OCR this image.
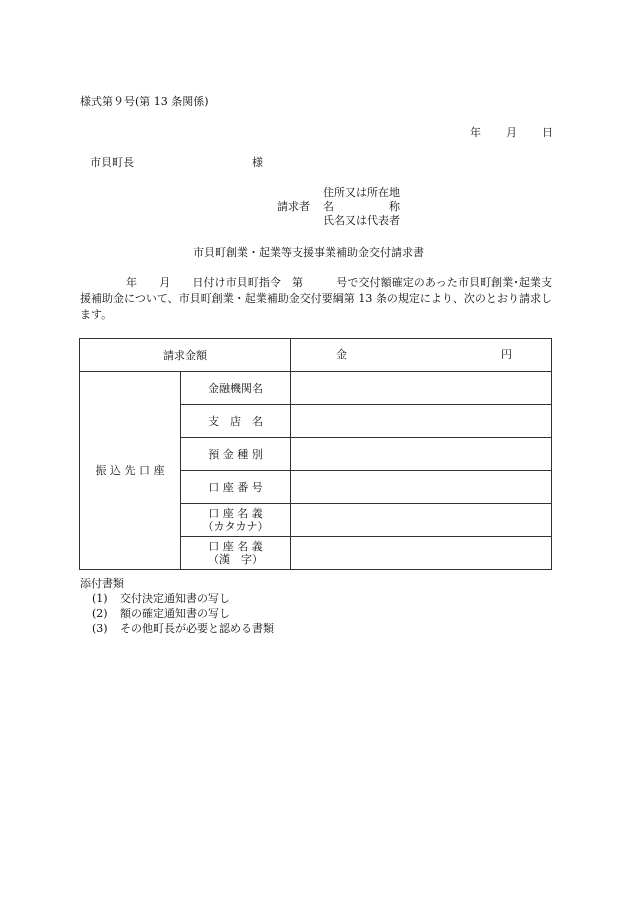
様式第９号(第 13 条関係)
年 月 日
市貝町長	様
住所又は所在地
請求者 名　　　　　称
氏名又は代表者
市貝町創業・起業等支援事業補助金交付請求書

年　　月　　日付け市貝町指令　第　　　号で交付額確定のあった市貝町創業･起業支援補助金について、市貝町創業・起業補助金交付要綱第 13 条の規定により、次のとおり請求します。

請求金額		金 円

振 込 先 口 座	金融機関名	
	支　店　名	
	預 金 種 別	
	口 座 番 号	

	口 座 名 義
（カタカナ）	

	口 座 名 義
（漢　字）	

添付書類
(1) 交付決定通知書の写し
(2) 額の確定通知書の写し
(3) その他町長が必要と認める書類
